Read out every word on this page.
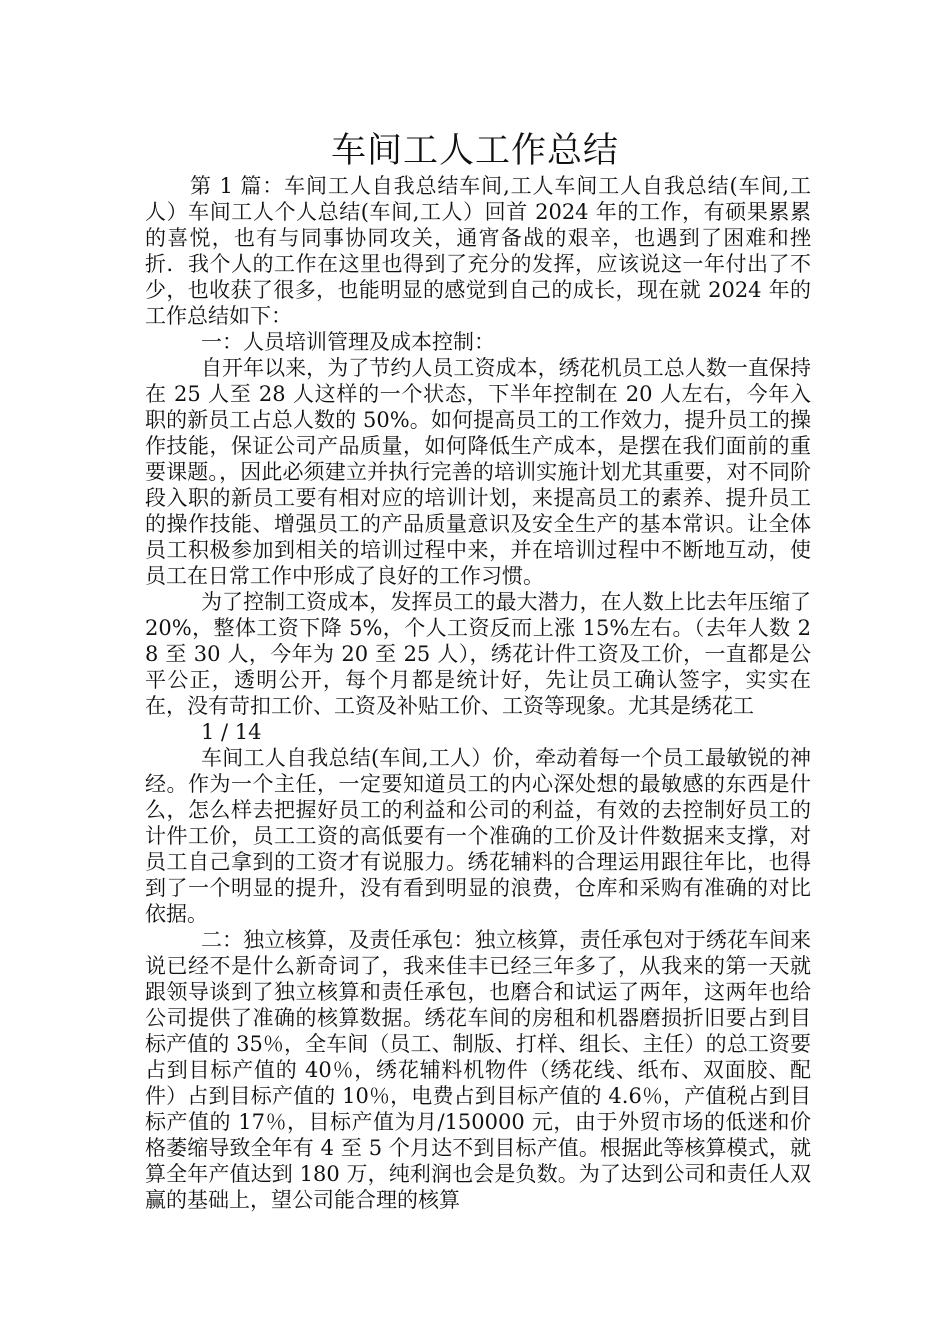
车间工人工作总结

第 1 篇：车间工人自我总结车间,工人车间工人自我总结(车间,工人）车间工人个人总结(车间,工人）回首 2024 年的工作，有硕果累累的喜悦，也有与同事协同攻关，通宵备战的艰辛，也遇到了困难和挫折．我个人的工作在这里也得到了充分的发挥，应该说这一年付出了不少，也收获了很多，也能明显的感觉到自己的成长，现在就 2024 年的工作总结如下：

一：人员培训管理及成本控制：

自开年以来，为了节约人员工资成本，绣花机员工总人数一直保持在 25 人至 28 人这样的一个状态，下半年控制在 20 人左右，今年入职的新员工占总人数的 50%。如何提高员工的工作效力，提升员工的操作技能，保证公司产品质量，如何降低生产成本，是摆在我们面前的重要课题。，因此必须建立并执行完善的培训实施计划尤其重要，对不同阶段入职的新员工要有相对应的培训计划，来提高员工的素养、提升员工的操作技能、增强员工的产品质量意识及安全生产的基本常识。让全体员工积极参加到相关的培训过程中来，并在培训过程中不断地互动，使员工在日常工作中形成了良好的工作习惯。

为了控制工资成本，发挥员工的最大潜力，在人数上比去年压缩了 20%，整体工资下降 5%，个人工资反而上涨 15%左右。（去年人数 28 至 30 人，今年为 20 至 25 人），绣花计件工资及工价，一直都是公平公正，透明公开，每个月都是统计好，先让员工确认签字，实实在在，没有苛扣工价、工资及补贴工价、工资等现象。尤其是绣花工

1 / 14

车间工人自我总结(车间,工人）价，牵动着每一个员工最敏锐的神经。作为一个主任，一定要知道员工的内心深处想的最敏感的东西是什么，怎么样去把握好员工的利益和公司的利益，有效的去控制好员工的计件工价，员工工资的高低要有一个准确的工价及计件数据来支撑，对员工自己拿到的工资才有说服力。绣花辅料的合理运用跟往年比，也得到了一个明显的提升，没有看到明显的浪费，仓库和采购有准确的对比依据。

二：独立核算，及责任承包：独立核算，责任承包对于绣花车间来说已经不是什么新奇词了，我来佳丰已经三年多了，从我来的第一天就跟领导谈到了独立核算和责任承包，也磨合和试运了两年，这两年也给公司提供了准确的核算数据。绣花车间的房租和机器磨损折旧要占到目标产值的 35％，全车间（员工、制版、打样、组长、主任）的总工资要占到目标产值的 40％，绣花辅料机物件（绣花线、纸布、双面胶、配件）占到目标产值的 10％，电费占到目标产值的 4.6％，产值税占到目标产值的 17％，目标产值为月/150000 元，由于外贸市场的低迷和价格萎缩导致全年有 4 至 5 个月达不到目标产值。根据此等核算模式，就算全年产值达到 180 万，纯利润也会是负数。为了达到公司和责任人双赢的基础上，望公司能合理的核算
